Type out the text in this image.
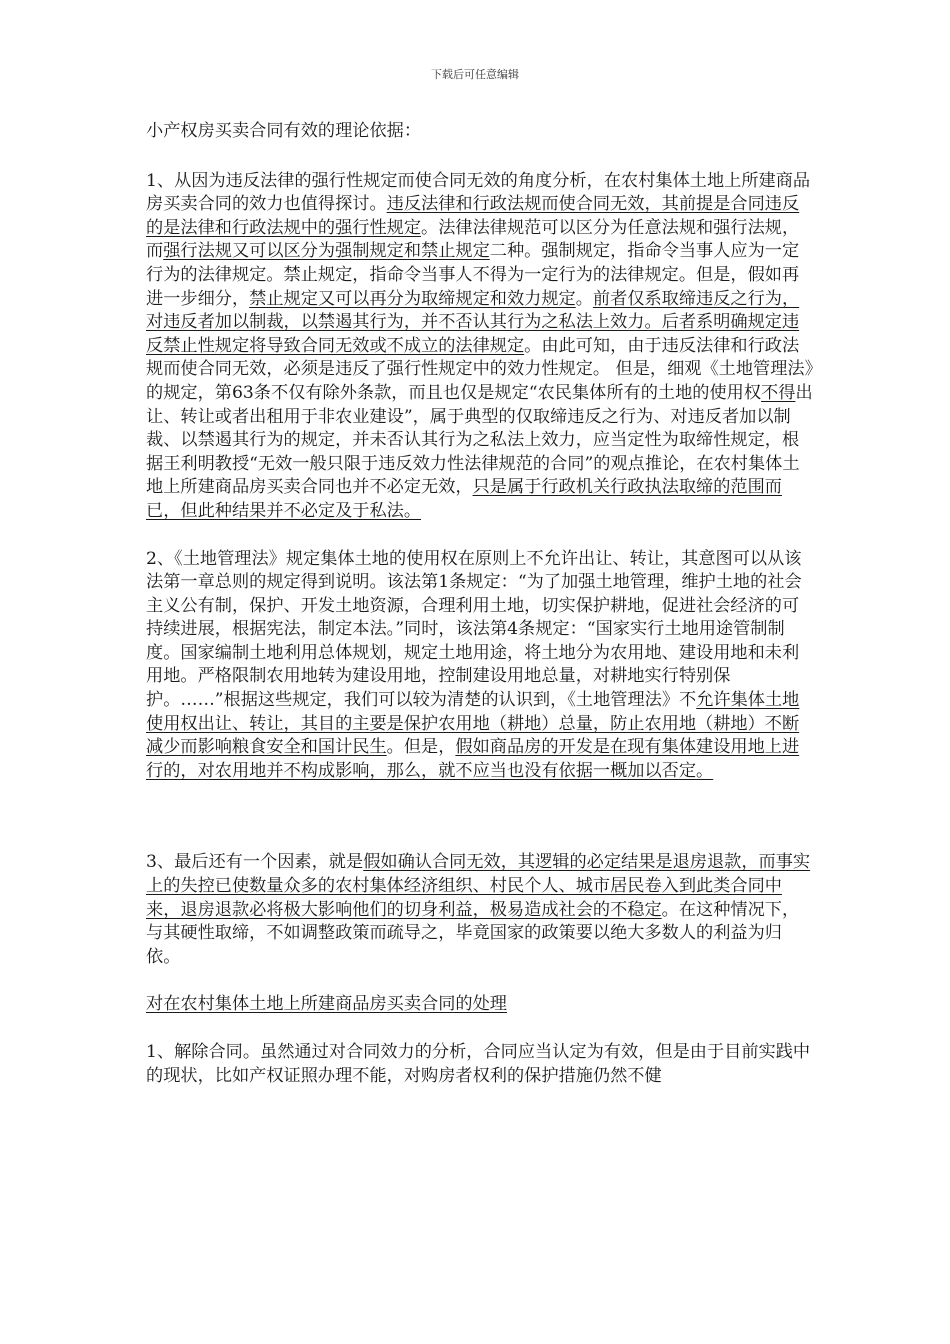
下载后可任意编辑

小产权房买卖合同有效的理论依据：

1、从因为违反法律的强行性规定而使合同无效的角度分析，在农村集体土地上所建商品房买卖合同的效力也值得探讨。违反法律和行政法规而使合同无效，其前提是合同违反的是法律和行政法规中的强行性规定。法律法律规范可以区分为任意法规和强行法规，而强行法规又可以区分为强制规定和禁止规定二种。强制规定，指命令当事人应为一定行为的法律规定。禁止规定，指命令当事人不得为一定行为的法律规定。但是，假如再进一步细分，禁止规定又可以再分为取缔规定和效力规定。前者仅系取缔违反之行为，对违反者加以制裁，以禁遏其行为，并不否认其行为之私法上效力。后者系明确规定违反禁止性规定将导致合同无效或不成立的法律规定。由此可知，由于违反法律和行政法规而使合同无效，必须是违反了强行性规定中的效力性规定。 但是，细观《土地管理法》的规定，第63条不仅有除外条款，而且也仅是规定“农民集体所有的土地的使用权不得出让、转让或者出租用于非农业建设”，属于典型的仅取缔违反之行为、对违反者加以制裁、以禁遏其行为的规定，并未否认其行为之私法上效力，应当定性为取缔性规定，根据王利明教授“无效一般只限于违反效力性法律规范的合同”的观点推论，在农村集体土地上所建商品房买卖合同也并不必定无效，只是属于行政机关行政执法取缔的范围而已，但此种结果并不必定及于私法。

2、《土地管理法》规定集体土地的使用权在原则上不允许出让、转让，其意图可以从该法第一章总则的规定得到说明。该法第1条规定：“为了加强土地管理，维护土地的社会主义公有制，保护、开发土地资源，合理利用土地，切实保护耕地，促进社会经济的可持续进展，根据宪法，制定本法。”同时，该法第4条规定：“国家实行土地用途管制制度。国家编制土地利用总体规划，规定土地用途，将土地分为农用地、建设用地和未利用地。严格限制农用地转为建设用地，控制建设用地总量，对耕地实行特别保护。……”根据这些规定，我们可以较为清楚的认识到，《土地管理法》不允许集体土地使用权出让、转让，其目的主要是保护农用地（耕地）总量，防止农用地（耕地）不断减少而影响粮食安全和国计民生。但是，假如商品房的开发是在现有集体建设用地上进行的，对农用地并不构成影响，那么，就不应当也没有依据一概加以否定。

3、最后还有一个因素，就是假如确认合同无效，其逻辑的必定结果是退房退款，而事实上的失控已使数量众多的农村集体经济组织、村民个人、城市居民卷入到此类合同中来，退房退款必将极大影响他们的切身利益，极易造成社会的不稳定。在这种情况下，与其硬性取缔，不如调整政策而疏导之，毕竟国家的政策要以绝大多数人的利益为归依。

对在农村集体土地上所建商品房买卖合同的处理

1、解除合同。虽然通过对合同效力的分析，合同应当认定为有效，但是由于目前实践中的现状，比如产权证照办理不能，对购房者权利的保护措施仍然不健
